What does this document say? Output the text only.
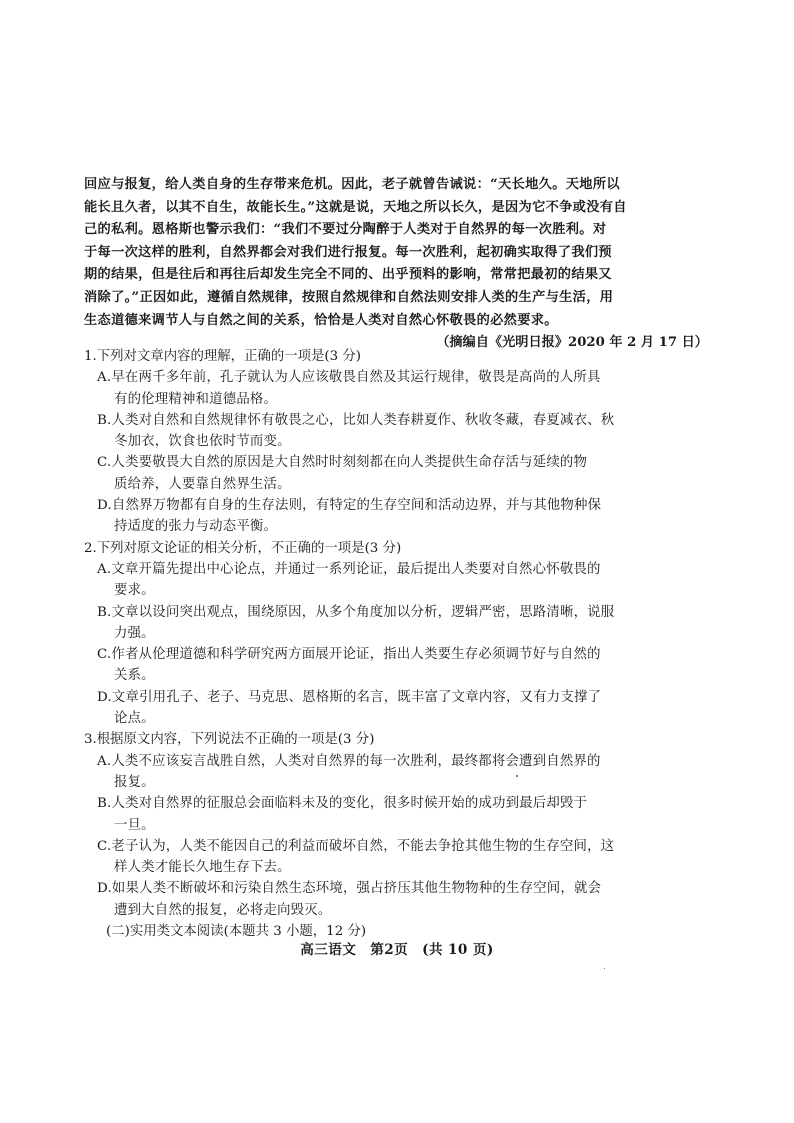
回应与报复，给人类自身的生存带来危机。因此，老子就曾告诫说：“天长地久。天地所以
能长且久者，以其不自生，故能长生。”这就是说，天地之所以长久，是因为它不争或没有自
己的私利。恩格斯也警示我们：“我们不要过分陶醉于人类对于自然界的每一次胜利。对
于每一次这样的胜利，自然界都会对我们进行报复。每一次胜利，起初确实取得了我们预
期的结果，但是往后和再往后却发生完全不同的、出乎预料的影响，常常把最初的结果又
消除了。”正因如此，遵循自然规律，按照自然规律和自然法则安排人类的生产与生活，用
生态道德来调节人与自然之间的关系，恰恰是人类对自然心怀敬畏的必然要求。
（摘编自《光明日报》2020 年 2 月 17 日）
1.下列对文章内容的理解，正确的一项是(3 分)
A.早在两千多年前，孔子就认为人应该敬畏自然及其运行规律，敬畏是高尚的人所具
有的伦理精神和道德品格。
B.人类对自然和自然规律怀有敬畏之心，比如人类春耕夏作、秋收冬藏，春夏减衣、秋
冬加衣，饮食也依时节而变。
C.人类要敬畏大自然的原因是大自然时时刻刻都在向人类提供生命存活与延续的物
质给养，人要靠自然界生活。
D.自然界万物都有自身的生存法则，有特定的生存空间和活动边界，并与其他物种保
持适度的张力与动态平衡。
2.下列对原文论证的相关分析，不正确的一项是(3 分)
A.文章开篇先提出中心论点，并通过一系列论证，最后提出人类要对自然心怀敬畏的
要求。
B.文章以设问突出观点，围绕原因，从多个角度加以分析，逻辑严密，思路清晰，说服
力强。
C.作者从伦理道德和科学研究两方面展开论证，指出人类要生存必须调节好与自然的
关系。
D.文章引用孔子、老子、马克思、恩格斯的名言，既丰富了文章内容，又有力支撑了
论点。
3.根据原文内容，下列说法不正确的一项是(3 分)
A.人类不应该妄言战胜自然，人类对自然界的每一次胜利，最终都将会遭到自然界的
报复。
B.人类对自然界的征服总会面临料未及的变化，很多时候开始的成功到最后却毁于
一旦。
C.老子认为，人类不能因自己的利益而破坏自然，不能去争抢其他生物的生存空间，这
样人类才能长久地生存下去。
D.如果人类不断破坏和污染自然生态环境，强占挤压其他生物物种的生存空间，就会
遭到大自然的报复，必将走向毁灭。
(二)实用类文本阅读(本题共 3 小题，12 分)
高三语文　第2页　(共 10 页)
